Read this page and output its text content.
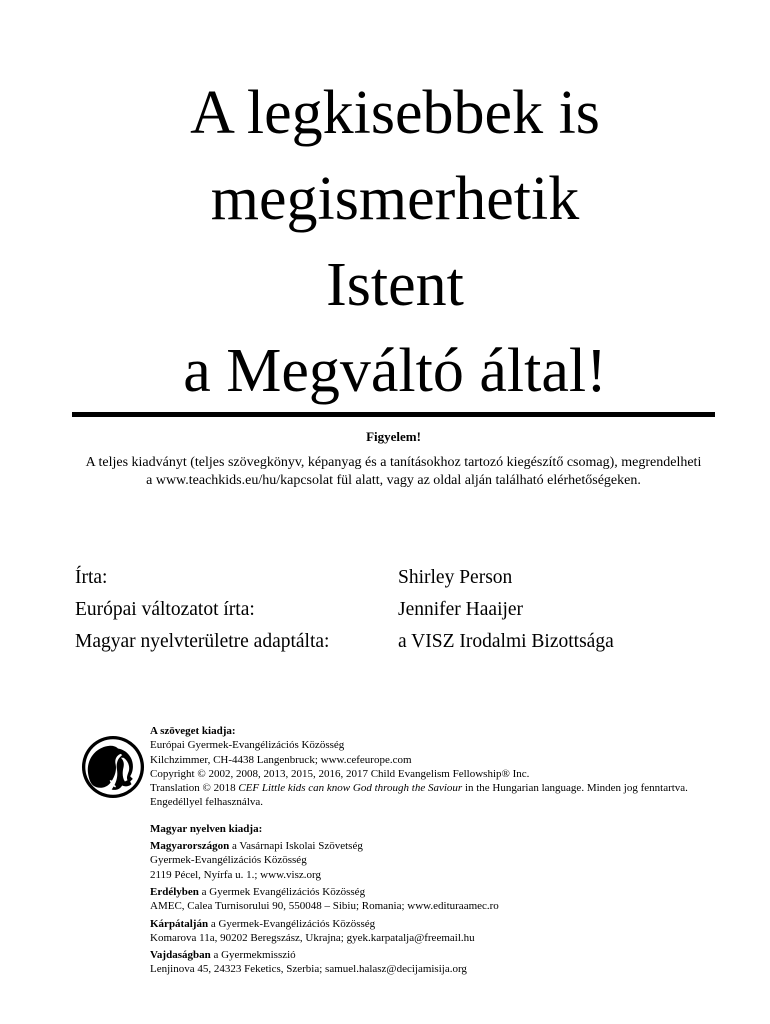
A legkisebbek is
megismerhetik
Istent
a Megváltó által!
Figyelem!
A teljes kiadványt (teljes szövegkönyv, képanyag és a tanításokhoz tartozó kiegészítő csomag), megrendelheti a www.teachkids.eu/hu/kapcsolat fül alatt, vagy az oldal alján található elérhetőségeken.
Írta:	Shirley Person
Európai változatot írta:	Jennifer Haaijer
Magyar nyelvterületre adaptálta:	a VISZ Irodalmi Bizottsága
A szöveget kiadja:
Európai Gyermek-Evangélizációs Közösség
Kilchzimmer, CH-4438 Langenbruck; www.cefeurope.com
Copyright © 2002, 2008, 2013, 2015, 2016, 2017 Child Evangelism Fellowship® Inc.
Translation © 2018 CEF Little kids can know God through the Saviour in the Hungarian language. Minden jog fenntartva. Engedéllyel felhasználva.
Magyar nyelven kiadja:
Magyarországon a Vasárnapi Iskolai Szövetség
Gyermek-Evangélizációs Közösség
2119 Pécel, Nyírfa u. 1.; www.visz.org
Erdélyben a Gyermek Evangélizációs Közösség
AMEC, Calea Turnisorului 90, 550048 – Sibiu; Romania; www.edituraamec.ro
Kárpátalján a Gyermek-Evangélizációs Közösség
Komarova 11a, 90202 Beregszász, Ukrajna; gyek.karpatalja@freemail.hu
Vajdaságban a Gyermekmisszió
Lenjinova 45, 24323 Feketics, Szerbia; samuel.halasz@decijamisija.org
